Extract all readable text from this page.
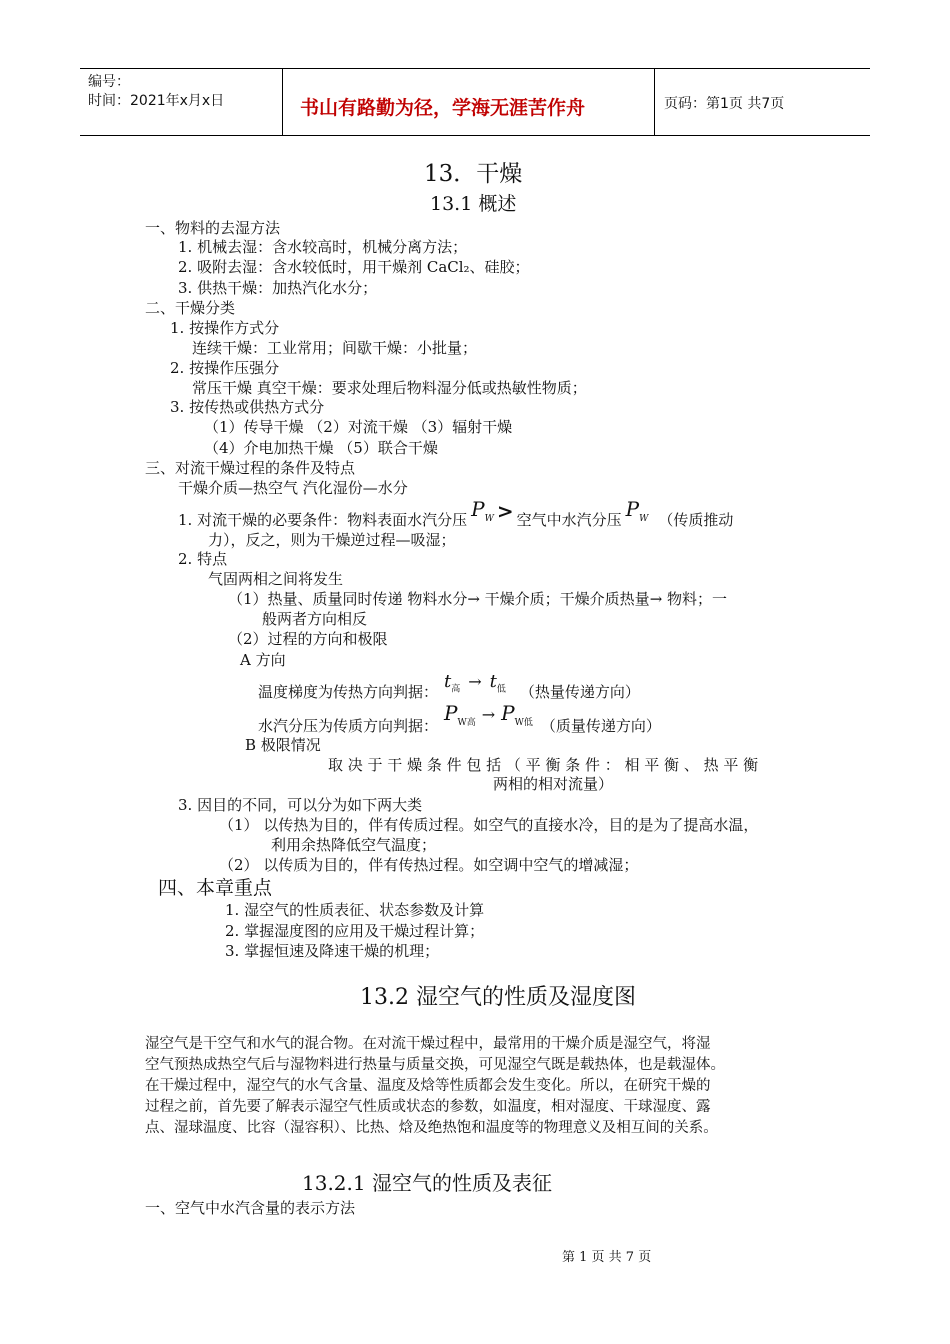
编号：
时间：2021年x月x日	书山有路勤为径，学海无涯苦作舟	页码：第1页 共7页
13．干燥
13.1 概述
一、物料的去湿方法
1. 机械去湿：含水较高时，机械分离方法；
2. 吸附去湿：含水较低时，用干燥剂 CaCl₂、硅胶；
3. 供热干燥：加热汽化水分；
二、干燥分类
1. 按操作方式分
连续干燥：工业常用；间歇干燥：小批量；
2. 按操作压强分
常压干燥 真空干燥：要求处理后物料湿分低或热敏性物质；
3. 按传热或供热方式分
（1）传导干燥 （2）对流干燥 （3）辐射干燥
（4）介电加热干燥 （5）联合干燥
三、对流干燥过程的条件及特点
干燥介质—热空气 汽化湿份—水分
1. 对流干燥的必要条件：物料表面水汽分压 $P_W$ > 空气中水汽分压 $P_W$ （传质推动
力），反之，则为干燥逆过程—吸湿；
2. 特点
气固两相之间将发生
（1）热量、质量同时传递 物料水分→ 干燥介质；干燥介质热量→ 物料；一
般两者方向相反
（2）过程的方向和极限
A 方向
温度梯度为传热方向判据： $t_高 \to t_低$ （热量传递方向）
水汽分压为传质方向判据：$P_{W高} \to P_{W低}$ （质量传递方向）
B 极限情况
取 决 于 干 燥 条 件 包 括 （ 平 衡 条 件 ： 相 平 衡 、 热 平 衡
两相的相对流量）
3. 因目的不同，可以分为如下两大类
（1） 以传热为目的，伴有传质过程。如空气的直接水冷，目的是为了提高水温，
利用余热降低空气温度；
（2） 以传质为目的，伴有传热过程。如空调中空气的增减湿；
四、本章重点
1. 湿空气的性质表征、状态参数及计算
2. 掌握湿度图的应用及干燥过程计算；
3. 掌握恒速及降速干燥的机理；
13.2 湿空气的性质及湿度图
湿空气是干空气和水气的混合物。在对流干燥过程中，最常用的干燥介质是湿空气，将湿
空气预热成热空气后与湿物料进行热量与质量交换，可见湿空气既是载热体，也是载湿体。
在干燥过程中，湿空气的水气含量、温度及焓等性质都会发生变化。所以，在研究干燥的
过程之前，首先要了解表示湿空气性质或状态的参数，如温度，相对湿度、干球湿度、露
点、湿球温度、比容（湿容积）、比热、焓及绝热饱和温度等的物理意义及相互间的关系。
13.2.1 湿空气的性质及表征
一、空气中水汽含量的表示方法
第 1 页 共 7 页
